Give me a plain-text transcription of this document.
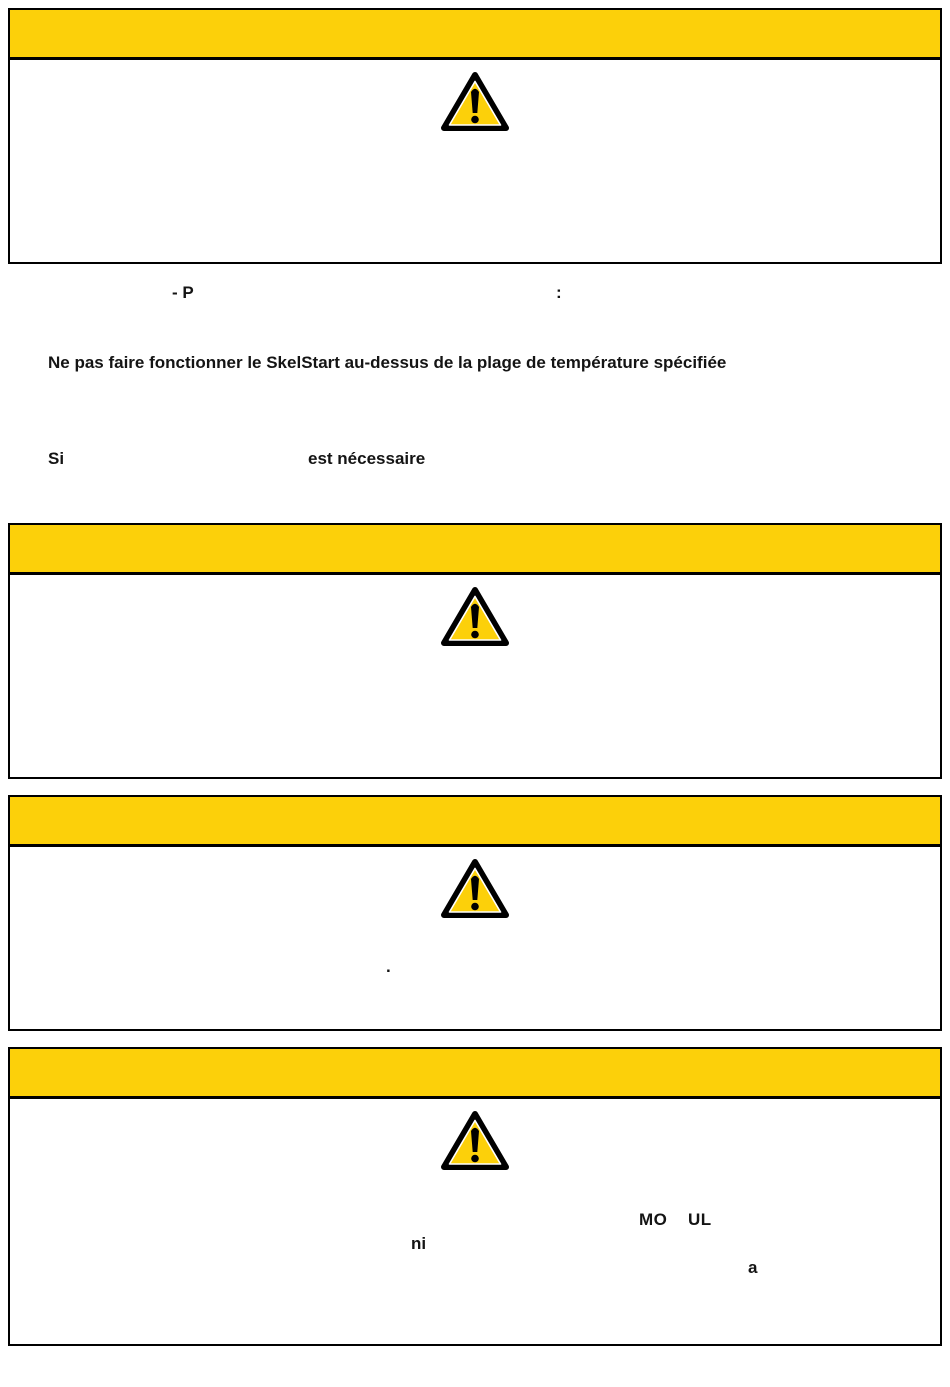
- P	:
Ne pas faire fonctionner le SkelStart au-dessus de la plage de température spécifiée
Si	est nécessaire
.
MO UL
ni
a
